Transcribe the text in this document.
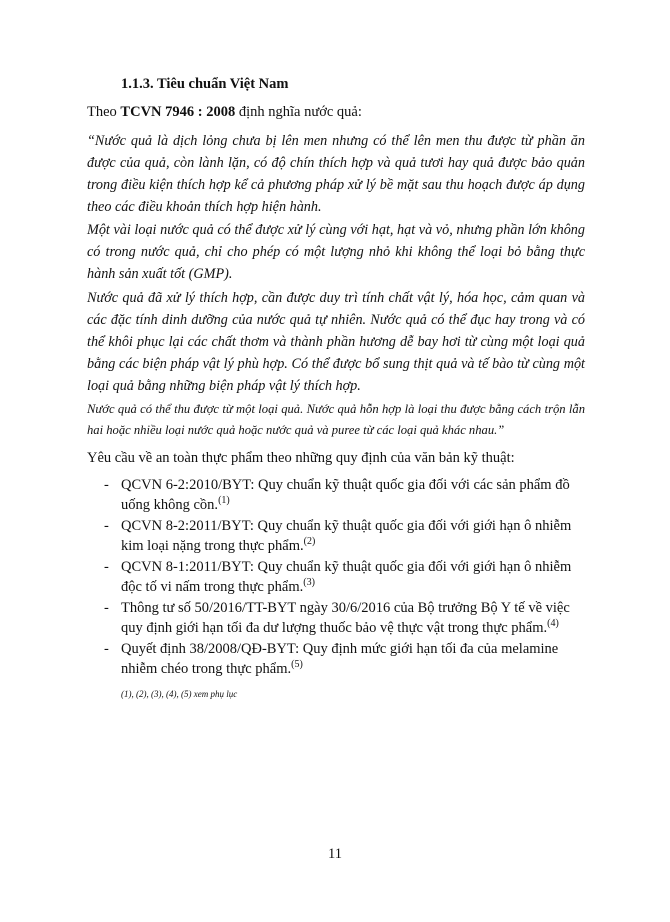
1.1.3. Tiêu chuẩn Việt Nam
Theo TCVN 7946 : 2008 định nghĩa nước quả:

“Nước quả là dịch lỏng chưa bị lên men nhưng có thể lên men thu được từ phần ăn được của quả, còn lành lặn, có độ chín thích hợp và quả tươi hay quả được bảo quản trong điều kiện thích hợp kể cả phương pháp xử lý bề mặt sau thu hoạch được áp dụng theo các điều khoản thích hợp hiện hành.

Một vài loại nước quả có thể được xử lý cùng với hạt, hạt và vỏ, nhưng phần lớn không có trong nước quả, chỉ cho phép có một lượng nhỏ khi không thể loại bỏ bằng thực hành sản xuất tốt (GMP).

Nước quả đã xử lý thích hợp, cần được duy trì tính chất vật lý, hóa học, cảm quan và các đặc tính dinh dưỡng của nước quả tự nhiên. Nước quả có thể đục hay trong và có thể khôi phục lại các chất thơm và thành phần hương dễ bay hơi từ cùng một loại quả bằng các biện pháp vật lý phù hợp. Có thể được bổ sung thịt quả và tế bào từ cùng một loại quả bằng những biện pháp vật lý thích hợp.

Nước quả có thể thu được từ một loại quả. Nước quả hỗn hợp là loại thu được bằng cách trộn lẫn hai hoặc nhiều loại nước quả hoặc nước quả và puree từ các loại quả khác nhau.”

Yêu cầu về an toàn thực phẩm theo những quy định của văn bản kỹ thuật:
- QCVN 6-2:2010/BYT: Quy chuẩn kỹ thuật quốc gia đối với các sản phẩm đồ uống không cồn.$^{(1)}$
- QCVN 8-2:2011/BYT: Quy chuẩn kỹ thuật quốc gia đối với giới hạn ô nhiễm kim loại nặng trong thực phẩm.$^{(2)}$
- QCVN 8-1:2011/BYT: Quy chuẩn kỹ thuật quốc gia đối với giới hạn ô nhiễm độc tố vi nấm trong thực phẩm.$^{(3)}$
- Thông tư số 50/2016/TT-BYT ngày 30/6/2016 của Bộ trưởng Bộ Y tế về việc quy định giới hạn tối đa dư lượng thuốc bảo vệ thực vật trong thực phẩm.$^{(4)}$
- Quyết định 38/2008/QĐ-BYT: Quy định mức giới hạn tối đa của melamine nhiễm chéo trong thực phẩm.$^{(5)}$
(1), (2), (3), (4), (5) xem phụ lục
11
